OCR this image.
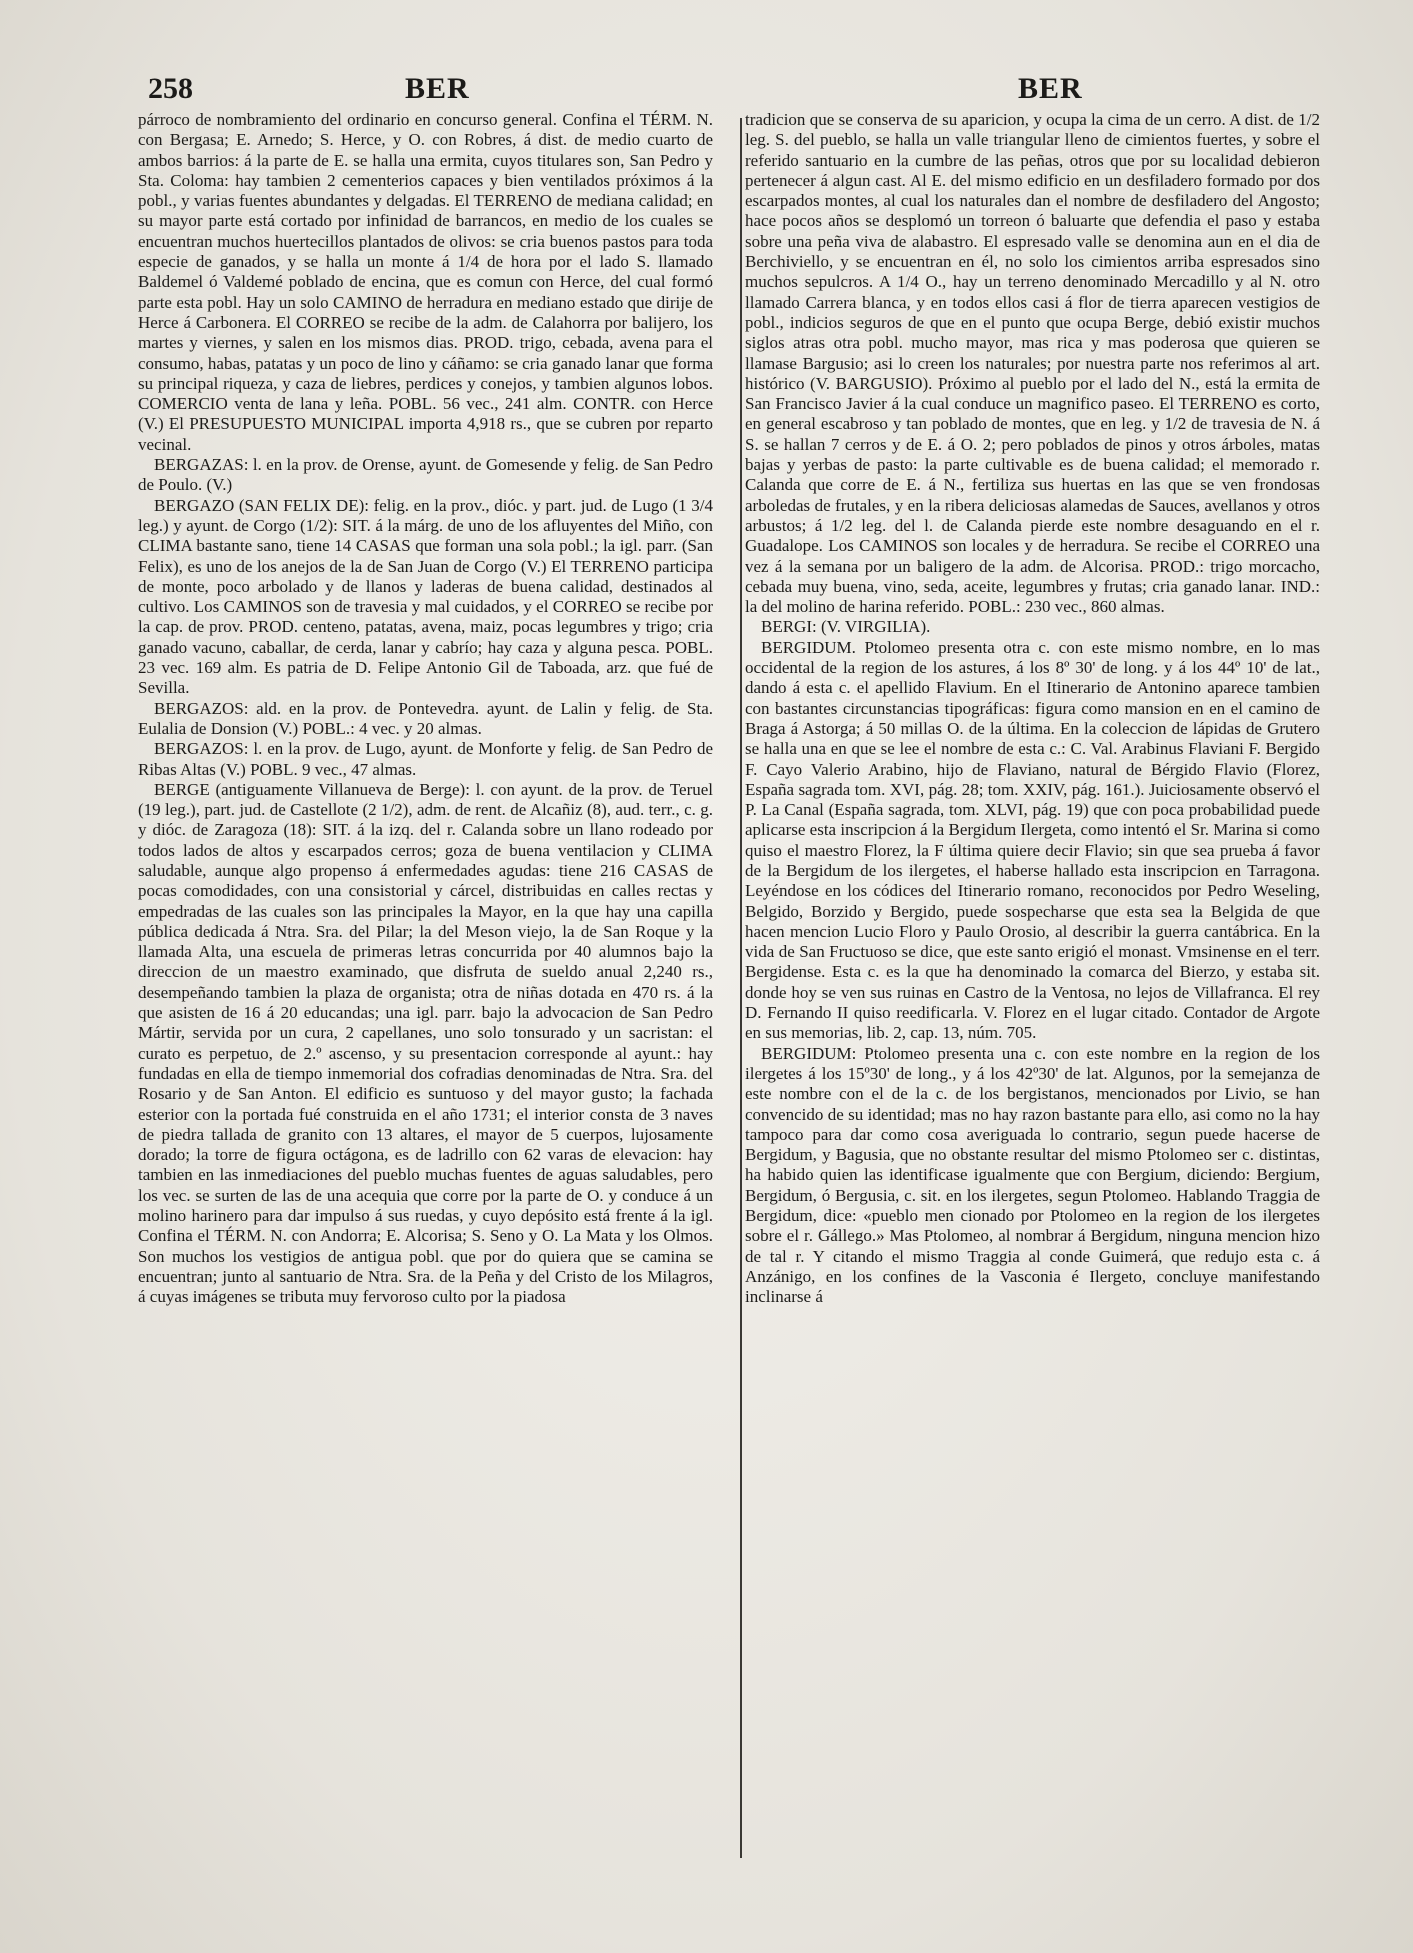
258	BER	BER

párroco de nombramiento del ordinario en concurso general. Confina el TÉRM. N. con Bergasa; E. Arnedo; S. Herce, y O. con Robres, á dist. de medio cuarto de ambos barrios: á la parte de E. se halla una ermita, cuyos titulares son, San Pedro y Sta. Coloma: hay tambien 2 cementerios capaces y bien ventilados próximos á la pobl., y varias fuentes abundantes y delgadas. El TERRENO de mediana calidad; en su mayor parte está cortado por infinidad de barrancos, en medio de los cuales se encuentran muchos huertecillos plantados de olivos: se cria buenos pastos para toda especie de ganados, y se halla un monte á 1/4 de hora por el lado S. llamado Baldemel ó Valdemé poblado de encina, que es comun con Herce, del cual formó parte esta pobl. Hay un solo CAMINO de herradura en mediano estado que dirije de Herce á Carbonera. El CORREO se recibe de la adm. de Calahorra por balijero, los martes y viernes, y salen en los mismos dias. PROD. trigo, cebada, avena para el consumo, habas, patatas y un poco de lino y cáñamo: se cria ganado lanar que forma su principal riqueza, y caza de liebres, perdices y conejos, y tambien algunos lobos. COMERCIO venta de lana y leña. POBL. 56 vec., 241 alm. CONTR. con Herce (V.) El PRESUPUESTO MUNICIPAL importa 4,918 rs., que se cubren por reparto vecinal.

BERGAZAS: l. en la prov. de Orense, ayunt. de Gomesende y felig. de San Pedro de Poulo. (V.)

BERGAZO (SAN FELIX DE): felig. en la prov., dióc. y part. jud. de Lugo (1 3/4 leg.) y ayunt. de Corgo (1/2): SIT. á la márg. de uno de los afluyentes del Miño, con CLIMA bastante sano, tiene 14 CASAS que forman una sola pobl.; la igl. parr. (San Felix), es uno de los anejos de la de San Juan de Corgo (V.) El TERRENO participa de monte, poco arbolado y de llanos y laderas de buena calidad, destinados al cultivo. Los CAMINOS son de travesia y mal cuidados, y el CORREO se recibe por la cap. de prov. PROD. centeno, patatas, avena, maiz, pocas legumbres y trigo; cria ganado vacuno, caballar, de cerda, lanar y cabrío; hay caza y alguna pesca. POBL. 23 vec. 169 alm. Es patria de D. Felipe Antonio Gil de Taboada, arz. que fué de Sevilla.

BERGAZOS: ald. en la prov. de Pontevedra. ayunt. de Lalin y felig. de Sta. Eulalia de Donsion (V.) POBL.: 4 vec. y 20 almas.

BERGAZOS: l. en la prov. de Lugo, ayunt. de Monforte y felig. de San Pedro de Ribas Altas (V.) POBL. 9 vec., 47 almas.

BERGE (antiguamente Villanueva de Berge): l. con ayunt. de la prov. de Teruel (19 leg.), part. jud. de Castellote (2 1/2), adm. de rent. de Alcañiz (8), aud. terr., c. g. y dióc. de Zaragoza (18): SIT. á la izq. del r. Calanda sobre un llano rodeado por todos lados de altos y escarpados cerros; goza de buena ventilacion y CLIMA saludable, aunque algo propenso á enfermedades agudas: tiene 216 CASAS de pocas comodidades, con una consistorial y cárcel, distribuidas en calles rectas y empedradas de las cuales son las principales la Mayor, en la que hay una capilla pública dedicada á Ntra. Sra. del Pilar; la del Meson viejo, la de San Roque y la llamada Alta, una escuela de primeras letras concurrida por 40 alumnos bajo la direccion de un maestro examinado, que disfruta de sueldo anual 2,240 rs., desempeñando tambien la plaza de organista; otra de niñas dotada en 470 rs. á la que asisten de 16 á 20 educandas; una igl. parr. bajo la advocacion de San Pedro Mártir, servida por un cura, 2 capellanes, uno solo tonsurado y un sacristan: el curato es perpetuo, de 2.º ascenso, y su presentacion corresponde al ayunt.: hay fundadas en ella de tiempo inmemorial dos cofradias denominadas de Ntra. Sra. del Rosario y de San Anton. El edificio es suntuoso y del mayor gusto; la fachada esterior con la portada fué construida en el año 1731; el interior consta de 3 naves de piedra tallada de granito con 13 altares, el mayor de 5 cuerpos, lujosamente dorado; la torre de figura octágona, es de ladrillo con 62 varas de elevacion: hay tambien en las inmediaciones del pueblo muchas fuentes de aguas saludables, pero los vec. se surten de las de una acequia que corre por la parte de O. y conduce á un molino harinero para dar impulso á sus ruedas, y cuyo depósito está frente á la igl. Confina el TÉRM. N. con Andorra; E. Alcorisa; S. Seno y O. La Mata y los Olmos. Son muchos los vestigios de antigua pobl. que por do quiera que se camina se encuentran; junto al santuario de Ntra. Sra. de la Peña y del Cristo de los Milagros, á cuyas imágenes se tributa muy fervoroso culto por la piadosa

tradicion que se conserva de su aparicion, y ocupa la cima de un cerro. A dist. de 1/2 leg. S. del pueblo, se halla un valle triangular lleno de cimientos fuertes, y sobre el referido santuario en la cumbre de las peñas, otros que por su localidad debieron pertenecer á algun cast. Al E. del mismo edificio en un desfiladero formado por dos escarpados montes, al cual los naturales dan el nombre de desfiladero del Angosto; hace pocos años se desplomó un torreon ó baluarte que defendia el paso y estaba sobre una peña viva de alabastro. El espresado valle se denomina aun en el dia de Berchiviello, y se encuentran en él, no solo los cimientos arriba espresados sino muchos sepulcros. A 1/4 O., hay un terreno denominado Mercadillo y al N. otro llamado Carrera blanca, y en todos ellos casi á flor de tierra aparecen vestigios de pobl., indicios seguros de que en el punto que ocupa Berge, debió existir muchos siglos atras otra pobl. mucho mayor, mas rica y mas poderosa que quieren se llamase Bargusio; asi lo creen los naturales; por nuestra parte nos referimos al art. histórico (V. BARGUSIO). Próximo al pueblo por el lado del N., está la ermita de San Francisco Javier á la cual conduce un magnifico paseo. El TERRENO es corto, en general escabroso y tan poblado de montes, que en leg. y 1/2 de travesia de N. á S. se hallan 7 cerros y de E. á O. 2; pero poblados de pinos y otros árboles, matas bajas y yerbas de pasto: la parte cultivable es de buena calidad; el memorado r. Calanda que corre de E. á N., fertiliza sus huertas en las que se ven frondosas arboledas de frutales, y en la ribera deliciosas alamedas de Sauces, avellanos y otros arbustos; á 1/2 leg. del l. de Calanda pierde este nombre desaguando en el r. Guadalope. Los CAMINOS son locales y de herradura. Se recibe el CORREO una vez á la semana por un baligero de la adm. de Alcorisa. PROD.: trigo morcacho, cebada muy buena, vino, seda, aceite, legumbres y frutas; cria ganado lanar. IND.: la del molino de harina referido. POBL.: 230 vec., 860 almas.

BERGI: (V. VIRGILIA).

BERGIDUM. Ptolomeo presenta otra c. con este mismo nombre, en lo mas occidental de la region de los astures, á los 8º 30' de long. y á los 44º 10' de lat., dando á esta c. el apellido Flavium. En el Itinerario de Antonino aparece tambien con bastantes circunstancias tipográficas: figura como mansion en en el camino de Braga á Astorga; á 50 millas O. de la última. En la coleccion de lápidas de Grutero se halla una en que se lee el nombre de esta c.: C. Val. Arabinus Flaviani F. Bergido F. Cayo Valerio Arabino, hijo de Flaviano, natural de Bérgido Flavio (Florez, España sagrada tom. XVI, pág. 28; tom. XXIV, pág. 161.). Juiciosamente observó el P. La Canal (España sagrada, tom. XLVI, pág. 19) que con poca probabilidad puede aplicarse esta inscripcion á la Bergidum Ilergeta, como intentó el Sr. Marina si como quiso el maestro Florez, la F última quiere decir Flavio; sin que sea prueba á favor de la Bergidum de los ilergetes, el haberse hallado esta inscripcion en Tarragona. Leyéndose en los códices del Itinerario romano, reconocidos por Pedro Weseling, Belgido, Borzido y Bergido, puede sospecharse que esta sea la Belgida de que hacen mencion Lucio Floro y Paulo Orosio, al describir la guerra cantábrica. En la vida de San Fructuoso se dice, que este santo erigió el monast. Vmsinense en el terr. Bergidense. Esta c. es la que ha denominado la comarca del Bierzo, y estaba sit. donde hoy se ven sus ruinas en Castro de la Ventosa, no lejos de Villafranca. El rey D. Fernando II quiso reedificarla. V. Florez en el lugar citado. Contador de Argote en sus memorias, lib. 2, cap. 13, núm. 705.

BERGIDUM: Ptolomeo presenta una c. con este nombre en la region de los ilergetes á los 15º30' de long., y á los 42º30' de lat. Algunos, por la semejanza de este nombre con el de la c. de los bergistanos, mencionados por Livio, se han convencido de su identidad; mas no hay razon bastante para ello, asi como no la hay tampoco para dar como cosa averiguada lo contrario, segun puede hacerse de Bergidum, y Bagusia, que no obstante resultar del mismo Ptolomeo ser c. distintas, ha habido quien las identificase igualmente que con Bergium, diciendo: Bergium, Bergidum, ó Bergusia, c. sit. en los ilergetes, segun Ptolomeo. Hablando Traggia de Bergidum, dice: «pueblo men cionado por Ptolomeo en la region de los ilergetes sobre el r. Gállego.» Mas Ptolomeo, al nombrar á Bergidum, ninguna mencion hizo de tal r. Y citando el mismo Traggia al conde Guimerá, que redujo esta c. á Anzánigo, en los confines de la Vasconia é Ilergeto, concluye manifestando inclinarse á
